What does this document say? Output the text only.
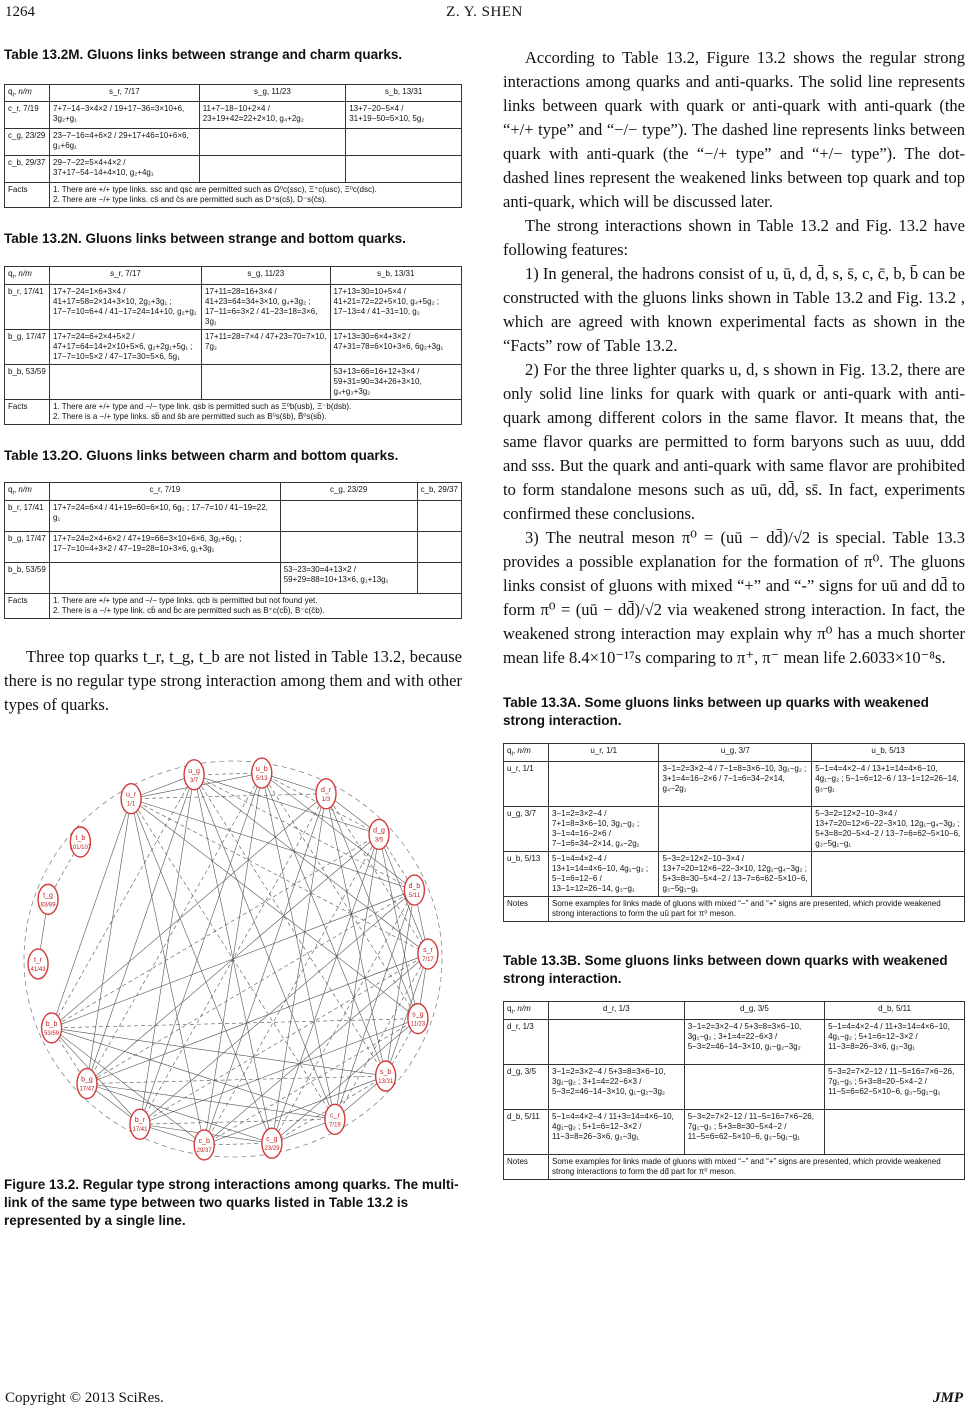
1264	Z. Y. SHEN

Table 13.2M. Gluons links between strange and charm quarks.

$q_i$, n/m	s_r, 7/17	s_g, 11/23	s_b, 13/31
c_r, 7/19	7+7−14−3×4×2 / 19+17−36=3×10+6, 3g₂+g₁	11+7−18−10+2×4 / 23+19+42=22+2×10, g₄+2g₂	13+7−20−5×4 / 31+19−50=5×10, 5g₂
c_g, 23/29	23−7−16=4+6×2 / 29+17+46=10+6×6, g₂+6g₁		
c_b, 29/37	29−7−22=5×4+4×2 / 37+17−54−14+4×10, g₂+4g₁		
Facts	1. There are +/+ type links. ssc and qsc are permitted such as Ω⁰c(ssc), Ξ⁺c(usc), Ξ⁰c(dsc).
2. There are −/+ type links. cs̄ and c̄s are permitted such as D⁺s(cs̄), D⁻s(c̄s).		

Table 13.2N. Gluons links between strange and bottom quarks.

$q_i$, n/m	s_r, 7/17	s_g, 11/23	s_b, 13/31
b_r, 17/41	17+7−24=1×6+3×4 / 41+17=58=2×14+3×10, 2g₂+3g₁ ; 17−7=10=6+4 / 41−17=24=14+10, g₂+g₁	17+11=28=16+3×4 / 41+23=64=34+3×10, g₄+3g₂ ; 17−11=6=3×2 / 41−23=18=3×6, 3g₁	17+13=30=10+5×4 / 41+21=72=22+5×10, g₄+5g₂ ; 17−13=4 / 41−31=10, g₂
b_g, 17/47	17+7=24=6+2×4+5×2 / 47+17=64=14+2×10+5×6, g₂+2g₁+5g₁ ; 17−7=10=5×2 / 47−17=30=5×6, 5g₁	17+11=28=7×4 / 47+23=70=7×10, 7g₂	17+13=30=6×4+3×2 / 47+31=78=6×10+3×6, 6g₂+3g₁
b_b, 53/59			53+13=66=16+12+3×4 / 59+31=90=34+26+3×10, g₄+g₃+3g₂
Facts	1. There are +/+ type and −/− type link. qsb is permitted such as Ξ⁰b(usb), Ξ⁻b(dsb).
2. There is a −/+ type links. sb̄ and s̄b are permitted such as B⁰s(s̄b), B̄⁰s(sb̄).		

Table 13.2O. Gluons links between charm and bottom quarks.

$q_i$, n/m	c_r, 7/19	c_g, 23/29	c_b, 29/37
b_r, 17/41	17+7=24=6×4 / 41+19=60=6×10, 6g₂ ; 17−7=10 / 41−19=22, g₁		
b_g, 17/47	17+7=24=2×4+6×2 / 47+19=66=3×10+6×6, 3g₁+6g₁ ; 17−7=10=4+3×2 / 47−19=28=10+3×6, g₁+3g₁		
b_b, 53/59		53−23=30=4+13×2 / 59+29=88=10+13×6, g₁+13g₁	
Facts	1. There are +/+ type and −/− type links. qcb is permitted but not found yet.
2. There is a −/+ type link. cb̄ and b̄c are permitted such as B⁺c(cb̄), B⁻c(c̄b).		

Three top quarks t_r, t_g, t_b are not listed in Table 13.2, because there is no regular type strong interaction among them and with other types of quarks.

u_r
1/1
u_g
3/7
u_b
5/13
d_r
1/3
d_g
3/5
d_b
5/11
s_r
7/17
s_g
11/23
s_b
13/31
c_r
7/19
c_g
23/29
c_b
29/37
b_r
17/41
b_g
17/47
b_b
53/59
t_r
41/43
t_g
83/89
t_b
101/107

Figure 13.2. Regular type strong interactions among quarks. The multi-link of the same type between two quarks listed in Table 13.2 is represented by a single line.

According to Table 13.2, Figure 13.2 shows the regular strong interactions among quarks and anti-quarks. The solid line represents links between quark with quark or anti-quark with anti-quark (the “+/+ type” and “−/− type”). The dashed line represents links between quark with anti-quark (the “−/+ type” and “+/− type”). The dot-dashed lines represent the weakened links between top quark and top anti-quark, which will be discussed later.

The strong interactions shown in Table 13.2 and Fig. 13.2 have following features:

1) In general, the hadrons consist of u, ū, d, d̄, s, s̄, c, c̄, b, b̄ can be constructed with the gluons links shown in Table 13.2 and Fig. 13.2 , which are agreed with known experimental facts as shown in the “Facts” row of Table 13.2.

2) For the three lighter quarks u, d, s shown in Fig. 13.2, there are only solid line links for quark with quark or anti-quark with anti-quark among different colors in the same flavor. It means that, the same flavor quarks are permitted to form baryons such as uuu, ddd and sss. But the quark and anti-quark with same flavor are prohibited to form standalone mesons such as uū, dd̄, ss̄. In fact, experiments confirmed these conclusions.

3) The neutral meson π⁰ = (uū − dd̄)/√2 is special. Table 13.3 provides a possible explanation for the formation of π⁰. The gluons links consist of gluons with mixed “+” and “-” signs for uū and dd̄ to form π⁰ = (uū − dd̄)/√2 via weakened strong interaction. In fact, the weakened strong interaction may explain why π⁰ has a much shorter mean life 8.4×10⁻¹⁷s comparing to π⁺, π⁻ mean life 2.6033×10⁻⁸s.

Table 13.3A. Some gluons links between up quarks with weakened strong interaction.

$q_i$, n/m	u_r, 1/1	u_g, 3/7	u_b, 5/13
u_r, 1/1		3−1=2=3×2−4 / 7−1=8=3×6−10, 3g₁−g₂ ; 3+1=4=16−2×6 / 7−1=6=34−2×14, g₄−2g₁	5−1=4=4×2−4 / 13+1=14=4×6−10, 4g₁−g₂ ; 5−1=6=12−6 / 13−1=12=26−14, g₃−g₁
u_g, 3/7	3−1=2=3×2−4 / 7+1=8=3×6−10, 3g₁−g₂ ; 3−1=4=16−2×6 / 7−1=6=34−2×14, g₄−2g₁		5−3=2=12×2−10−3×4 / 13+7=20=12×6−22−3×10, 12g₁−g₄−3g₂ ; 5+3=8=20−5×4−2 / 13−7=6=62−5×10−6, g₃−5g₁−g₁
u_b, 5/13	5−1=4=4×2−4 / 13+1=14=4×6−10, 4g₁−g₂ ; 5−1=6=12−6 / 13−1=12=26−14, g₃−g₁	5−3=2=12×2−10−3×4 / 13+7=20=12×6−22−3×10, 12g₁−g₄−3g₂ ; 5+3=8=30−5×4−2 / 13−7=6=62−5×10−6, g₃−5g₁−g₁	
Notes	Some examples for links made of gluons with mixed “−” and “+” signs are presented, which provide weakened strong interactions to form the uū part for π⁰ meson.		

Table 13.3B. Some gluons links between down quarks with weakened strong interaction.

$q_i$, n/m	d_r, 1/3	d_g, 3/5	d_b, 5/11
d_r, 1/3		3−1=2=3×2−4 / 5+3=8=3×6−10, 3g₁−g₂ ; 3+1=4=22−6×3 / 5−3=2=46−14−3×10, g₁−g₂−3g₂	5−1=4=4×2−4 / 11+3=14=4×6−10, 4g₁−g₂ ; 5+1=6=12−3×2 / 11−3=8=26−3×6, g₃−3g₁
d_g, 3/5	3−1=2=3×2−4 / 5+3=8=3×6−10, 3g₁−g₂ ; 3+1=4=22−6×3 / 5−3=2=46−14−3×10, g₁−g₂−3g₂		5−3=2=7×2−12 / 11−5=16=7×6−26, 7g₁−g₃ ; 5+3=8=20−5×4−2 / 11−5=6=62−5×10−6, g₃−5g₁−g₁
d_b, 5/11	5−1=4=4×2−4 / 11+3=14=4×6−10, 4g₁−g₂ ; 5+1=6=12−3×2 / 11−3=8=26−3×6, g₃−3g₁	5−3=2=7×2−12 / 11−5=16=7×6−26, 7g₁−g₃ ; 5+3=8=30−5×4−2 / 11−5=6=62−5×10−6, g₃−5g₁−g₁	
Notes	Some examples for links made of gluons with mixed “−” and “+” signs are presented, which provide weakened strong interactions to form the dd̄ part for π⁰ meson.		
Copyright © 2013 SciRes.	JMP
